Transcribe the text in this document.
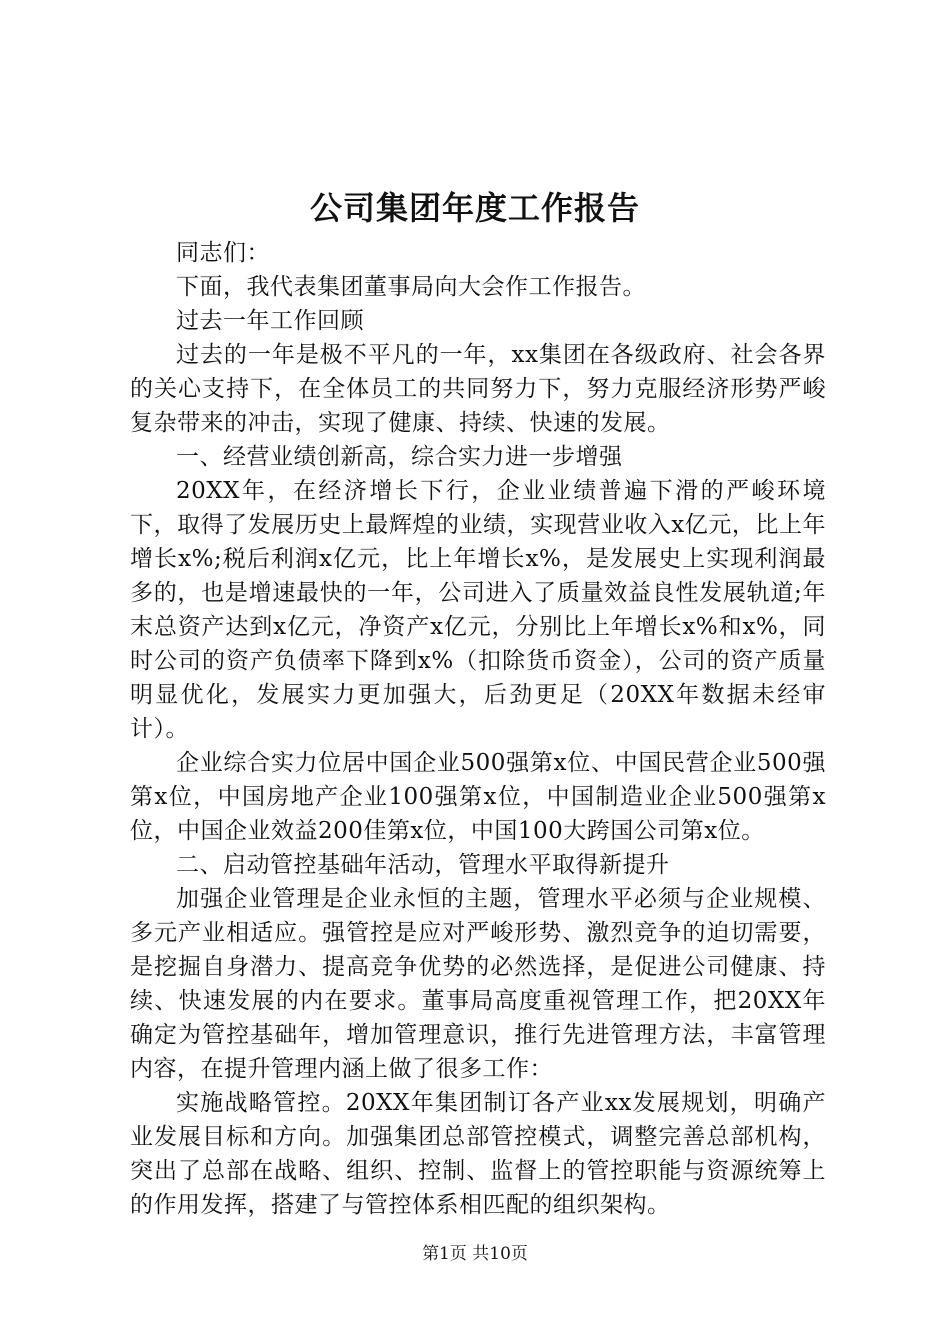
公司集团年度工作报告

同志们：

下面，我代表集团董事局向大会作工作报告。

过去一年工作回顾

过去的一年是极不平凡的一年，xx集团在各级政府、社会各界的关心支持下，在全体员工的共同努力下，努力克服经济形势严峻复杂带来的冲击，实现了健康、持续、快速的发展。

一、经营业绩创新高，综合实力进一步增强

20XX年，在经济增长下行，企业业绩普遍下滑的严峻环境下，取得了发展历史上最辉煌的业绩，实现营业收入x亿元，比上年增长x%;税后利润x亿元，比上年增长x%，是发展史上实现利润最多的，也是增速最快的一年，公司进入了质量效益良性发展轨道;年末总资产达到x亿元，净资产x亿元，分别比上年增长x%和x%，同时公司的资产负债率下降到x%（扣除货币资金），公司的资产质量明显优化，发展实力更加强大，后劲更足（20XX年数据未经审计）。

企业综合实力位居中国企业500强第x位、中国民营企业500强第x位，中国房地产企业100强第x位，中国制造业企业500强第x位，中国企业效益200佳第x位，中国100大跨国公司第x位。

二、启动管控基础年活动，管理水平取得新提升

加强企业管理是企业永恒的主题，管理水平必须与企业规模、多元产业相适应。强管控是应对严峻形势、激烈竞争的迫切需要，是挖掘自身潜力、提高竞争优势的必然选择，是促进公司健康、持续、快速发展的内在要求。董事局高度重视管理工作，把20XX年确定为管控基础年，增加管理意识，推行先进管理方法，丰富管理内容，在提升管理内涵上做了很多工作：

实施战略管控。20XX年集团制订各产业xx发展规划，明确产业发展目标和方向。加强集团总部管控模式，调整完善总部机构，突出了总部在战略、组织、控制、监督上的管控职能与资源统筹上的作用发挥，搭建了与管控体系相匹配的组织架构。

第1页 共10页
